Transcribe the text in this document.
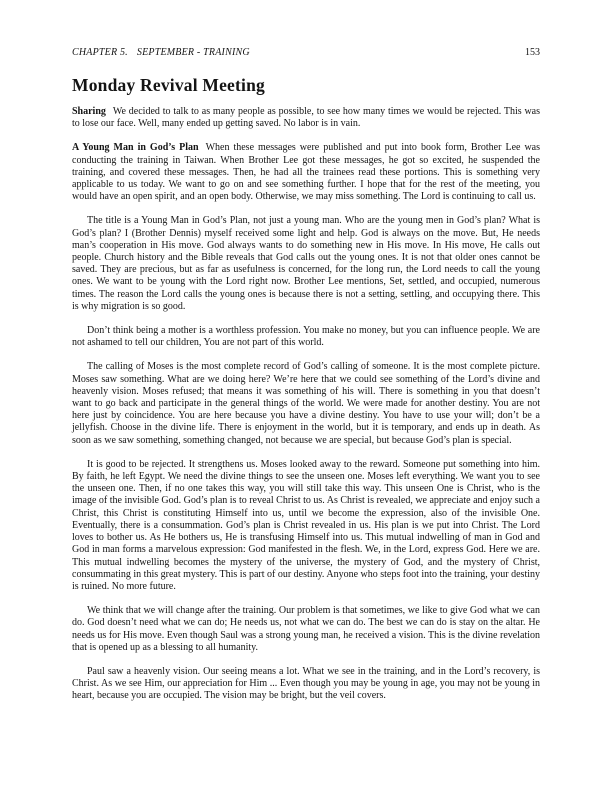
CHAPTER 5. SEPTEMBER - TRAINING	153
Monday Revival Meeting

Sharing We decided to talk to as many people as possible, to see how many times we would be rejected. This was to lose our face. Well, many ended up getting saved. No labor is in vain.

A Young Man in God’s Plan When these messages were published and put into book form, Brother Lee was conducting the training in Taiwan. When Brother Lee got these messages, he got so excited, he suspended the training, and covered these messages. Then, he had all the trainees read these portions. This is something very applicable to us today. We want to go on and see something further. I hope that for the rest of the meeting, you would have an open spirit, and an open body. Otherwise, we may miss something. The Lord is continuing to call us.

The title is a Young Man in God’s Plan, not just a young man. Who are the young men in God’s plan? What is God’s plan? I (Brother Dennis) myself received some light and help. God is always on the move. But, He needs man’s cooperation in His move. God always wants to do something new in His move. In His move, He calls out people. Church history and the Bible reveals that God calls out the young ones. It is not that older ones cannot be saved. They are precious, but as far as usefulness is concerned, for the long run, the Lord needs to call the young ones. We want to be young with the Lord right now. Brother Lee mentions, Set, settled, and occupied, numerous times. The reason the Lord calls the young ones is because there is not a setting, settling, and occupying there. This is why migration is so good.

Don’t think being a mother is a worthless profession. You make no money, but you can influence people. We are not ashamed to tell our children, You are not part of this world.

The calling of Moses is the most complete record of God’s calling of someone. It is the most complete picture. Moses saw something. What are we doing here? We’re here that we could see something of the Lord’s divine and heavenly vision. Moses refused; that means it was something of his will. There is something in you that doesn’t want to go back and participate in the general things of the world. We were made for another destiny. You are not here just by coincidence. You are here because you have a divine destiny. You have to use your will; don’t be a jellyfish. Choose in the divine life. There is enjoyment in the world, but it is temporary, and ends up in death. As soon as we saw something, something changed, not because we are special, but because God’s plan is special.

It is good to be rejected. It strengthens us. Moses looked away to the reward. Someone put something into him. By faith, he left Egypt. We need the divine things to see the unseen one. Moses left everything. We want you to see the unseen one. Then, if no one takes this way, you will still take this way. This unseen One is Christ, who is the image of the invisible God. God’s plan is to reveal Christ to us. As Christ is revealed, we appreciate and enjoy such a Christ, this Christ is constituting Himself into us, until we become the expression, also of the invisible One. Eventually, there is a consummation. God’s plan is Christ revealed in us. His plan is we put into Christ. The Lord loves to bother us. As He bothers us, He is transfusing Himself into us. This mutual indwelling of man in God and God in man forms a marvelous expression: God manifested in the flesh. We, in the Lord, express God. Here we are. This mutual indwelling becomes the mystery of the universe, the mystery of God, and the mystery of Christ, consummating in this great mystery. This is part of our destiny. Anyone who steps foot into the training, your destiny is ruined. No more future.

We think that we will change after the training. Our problem is that sometimes, we like to give God what we can do. God doesn’t need what we can do; He needs us, not what we can do. The best we can do is stay on the altar. He needs us for His move. Even though Saul was a strong young man, he received a vision. This is the divine revelation that is opened up as a blessing to all humanity.

Paul saw a heavenly vision. Our seeing means a lot. What we see in the training, and in the Lord’s recovery, is Christ. As we see Him, our appreciation for Him ... Even though you may be young in age, you may not be young in heart, because you are occupied. The vision may be bright, but the veil covers.
